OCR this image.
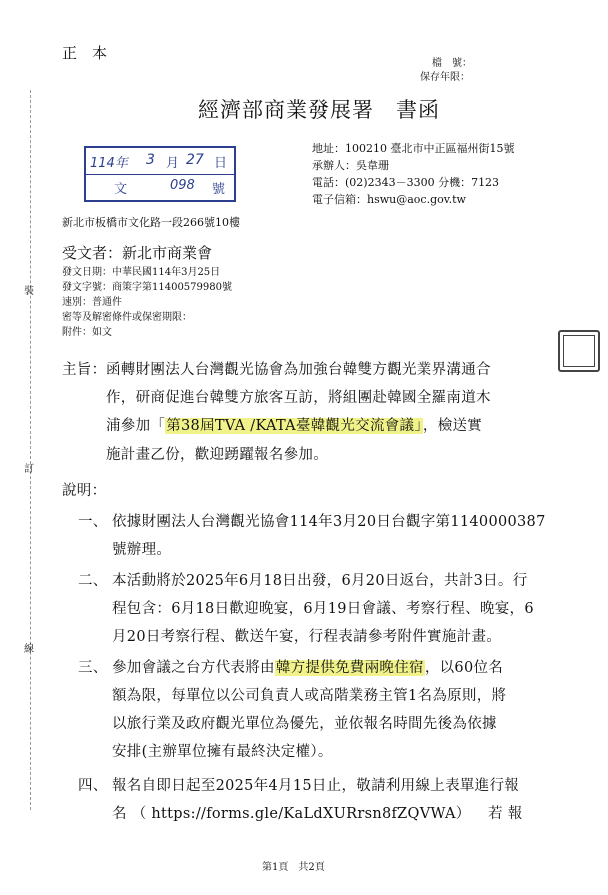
裝
訂
線
正　本
檔　號：
保存年限：
經濟部商業發展署　書函
114年 3 月 27 日
文	098 號
地址：100210 臺北市中正區福州街15號
承辦人：吳韋珊
電話：(02)2343－3300 分機：7123
電子信箱：hswu@aoc.gov.tw
新北市板橋市文化路一段266號10樓
受文者：新北市商業會
發文日期：中華民國114年3月25日
發文字號：商策字第11400579980號
速別：普通件
密等及解密條件或保密期限：
附件：如文
主旨： 函轉財團法人台灣觀光協會為加強台韓雙方觀光業界溝通合
作，研商促進台韓雙方旅客互訪，將組團赴韓國全羅南道木
浦參加「第38屆TVA /KATA臺韓觀光交流會議」，檢送實
施計畫乙份，歡迎踴躍報名參加。
說明：
一、 依據財團法人台灣觀光協會114年3月20日台觀字第1140000387
號辦理。
二、 本活動將於2025年6月18日出發，6月20日返台，共計3日。行
程包含：6月18日歡迎晚宴，6月19日會議、考察行程、晚宴，6
月20日考察行程、歡送午宴，行程表請參考附件實施計畫。
三、 參加會議之台方代表將由韓方提供免費兩晚住宿，以60位名
額為限，每單位以公司負責人或高階業務主管1名為原則，將
以旅行業及政府觀光單位為優先，並依報名時間先後為依據
安排(主辦單位擁有最終決定權）。
四、 報名自即日起至2025年4月15日止，敬請利用線上表單進行報
名 （ https://forms.gle/KaLdXURrsn8fZQVWA） 若 報
第1頁　共2頁
